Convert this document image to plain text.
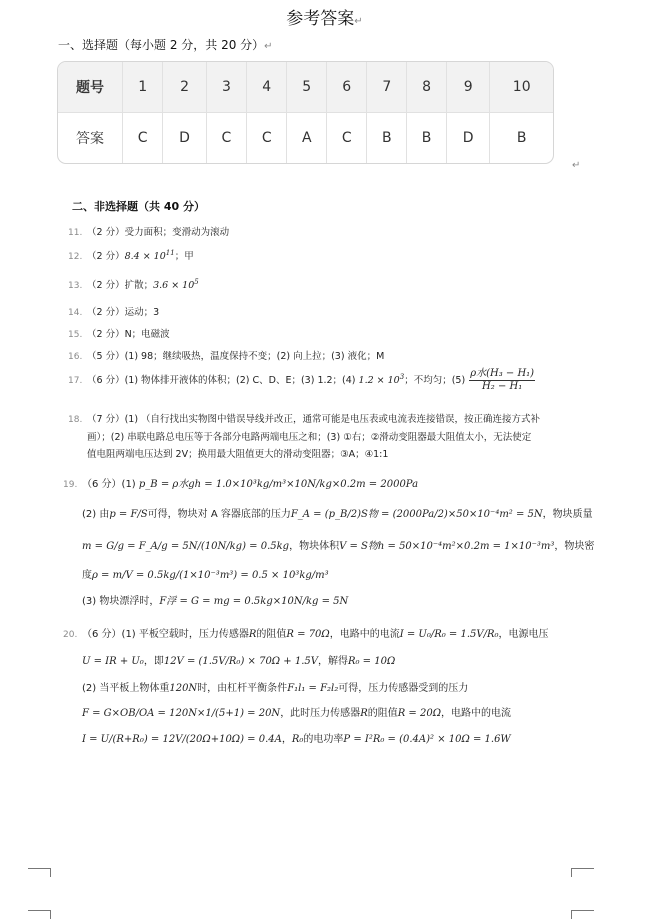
参考答案↵
一、选择题（每小题 2 分，共 20 分）↵
题号	1	2	3	4	5	6	7	8	9	10
答案	C	D	C	C	A	C	B	B	D	B
↵
二、非选择题（共 40 分）
11. （2 分）受力面积；变滑动为滚动
12. （2 分）$8.4 \times 10^{11}$；甲
13. （2 分）扩散；$3.6 \times 10^5$
14. （2 分）运动；3
15. （2 分）N；电磁波
16. （5 分）(1) 98；继续吸热，温度保持不变；(2) 向上拉；(3) 液化；M
17. （6 分）(1) 物体排开液体的体积；(2) C、D、E；(3) 1.2；(4) $1.2 \times 10^3$；不均匀；$(5) \frac{\text{ρ水(H₃ − H₁)}}{\text{H₂ − H₁}}$
18. （7 分）(1) （自行找出实物图中错误导线并改正，通常可能是电压表或电流表连接错误，按正确连接方式补
画）；(2) 串联电路总电压等于各部分电路两端电压之和；(3) ①右；②滑动变阻器最大阻值太小，无法使定
值电阻两端电压达到 2V；换用最大阻值更大的滑动变阻器；③A；④1:1
19. （6 分）(1) p_B = ρ水gh = 1.0×10³kg/m³×10N/kg×0.2m = 2000Pa
(2) 由p = F/S可得，物块对 A 容器底部的压力F_A = (p_B/2)S物 = (2000Pa/2)×50×10⁻⁴m² = 5N，物块质量
m = G/g = F_A/g = 5N/(10N/kg) = 0.5kg，物块体积V = S物h = 50×10⁻⁴m²×0.2m = 1×10⁻³m³，物块密
度ρ = m/V = 0.5kg/(1×10⁻³m³) = 0.5 × 10³kg/m³
(3) 物块漂浮时，F浮 = G = mg = 0.5kg×10N/kg = 5N
20. （6 分）(1) 平板空载时，压力传感器R的阻值R = 70Ω，电路中的电流I = U₀/R₀ = 1.5V/R₀，电源电压
U = IR + U₀，即12V = (1.5V/R₀) × 70Ω + 1.5V，解得R₀ = 10Ω
(2) 当平板上物体重120N时，由杠杆平衡条件F₁l₁ = F₂l₂可得，压力传感器受到的压力
F = G×OB/OA = 120N×1/(5+1) = 20N，此时压力传感器R的阻值R = 20Ω，电路中的电流
I = U/(R+R₀) = 12V/(20Ω+10Ω) = 0.4A，R₀的电功率P = I²R₀ = (0.4A)² × 10Ω = 1.6W
